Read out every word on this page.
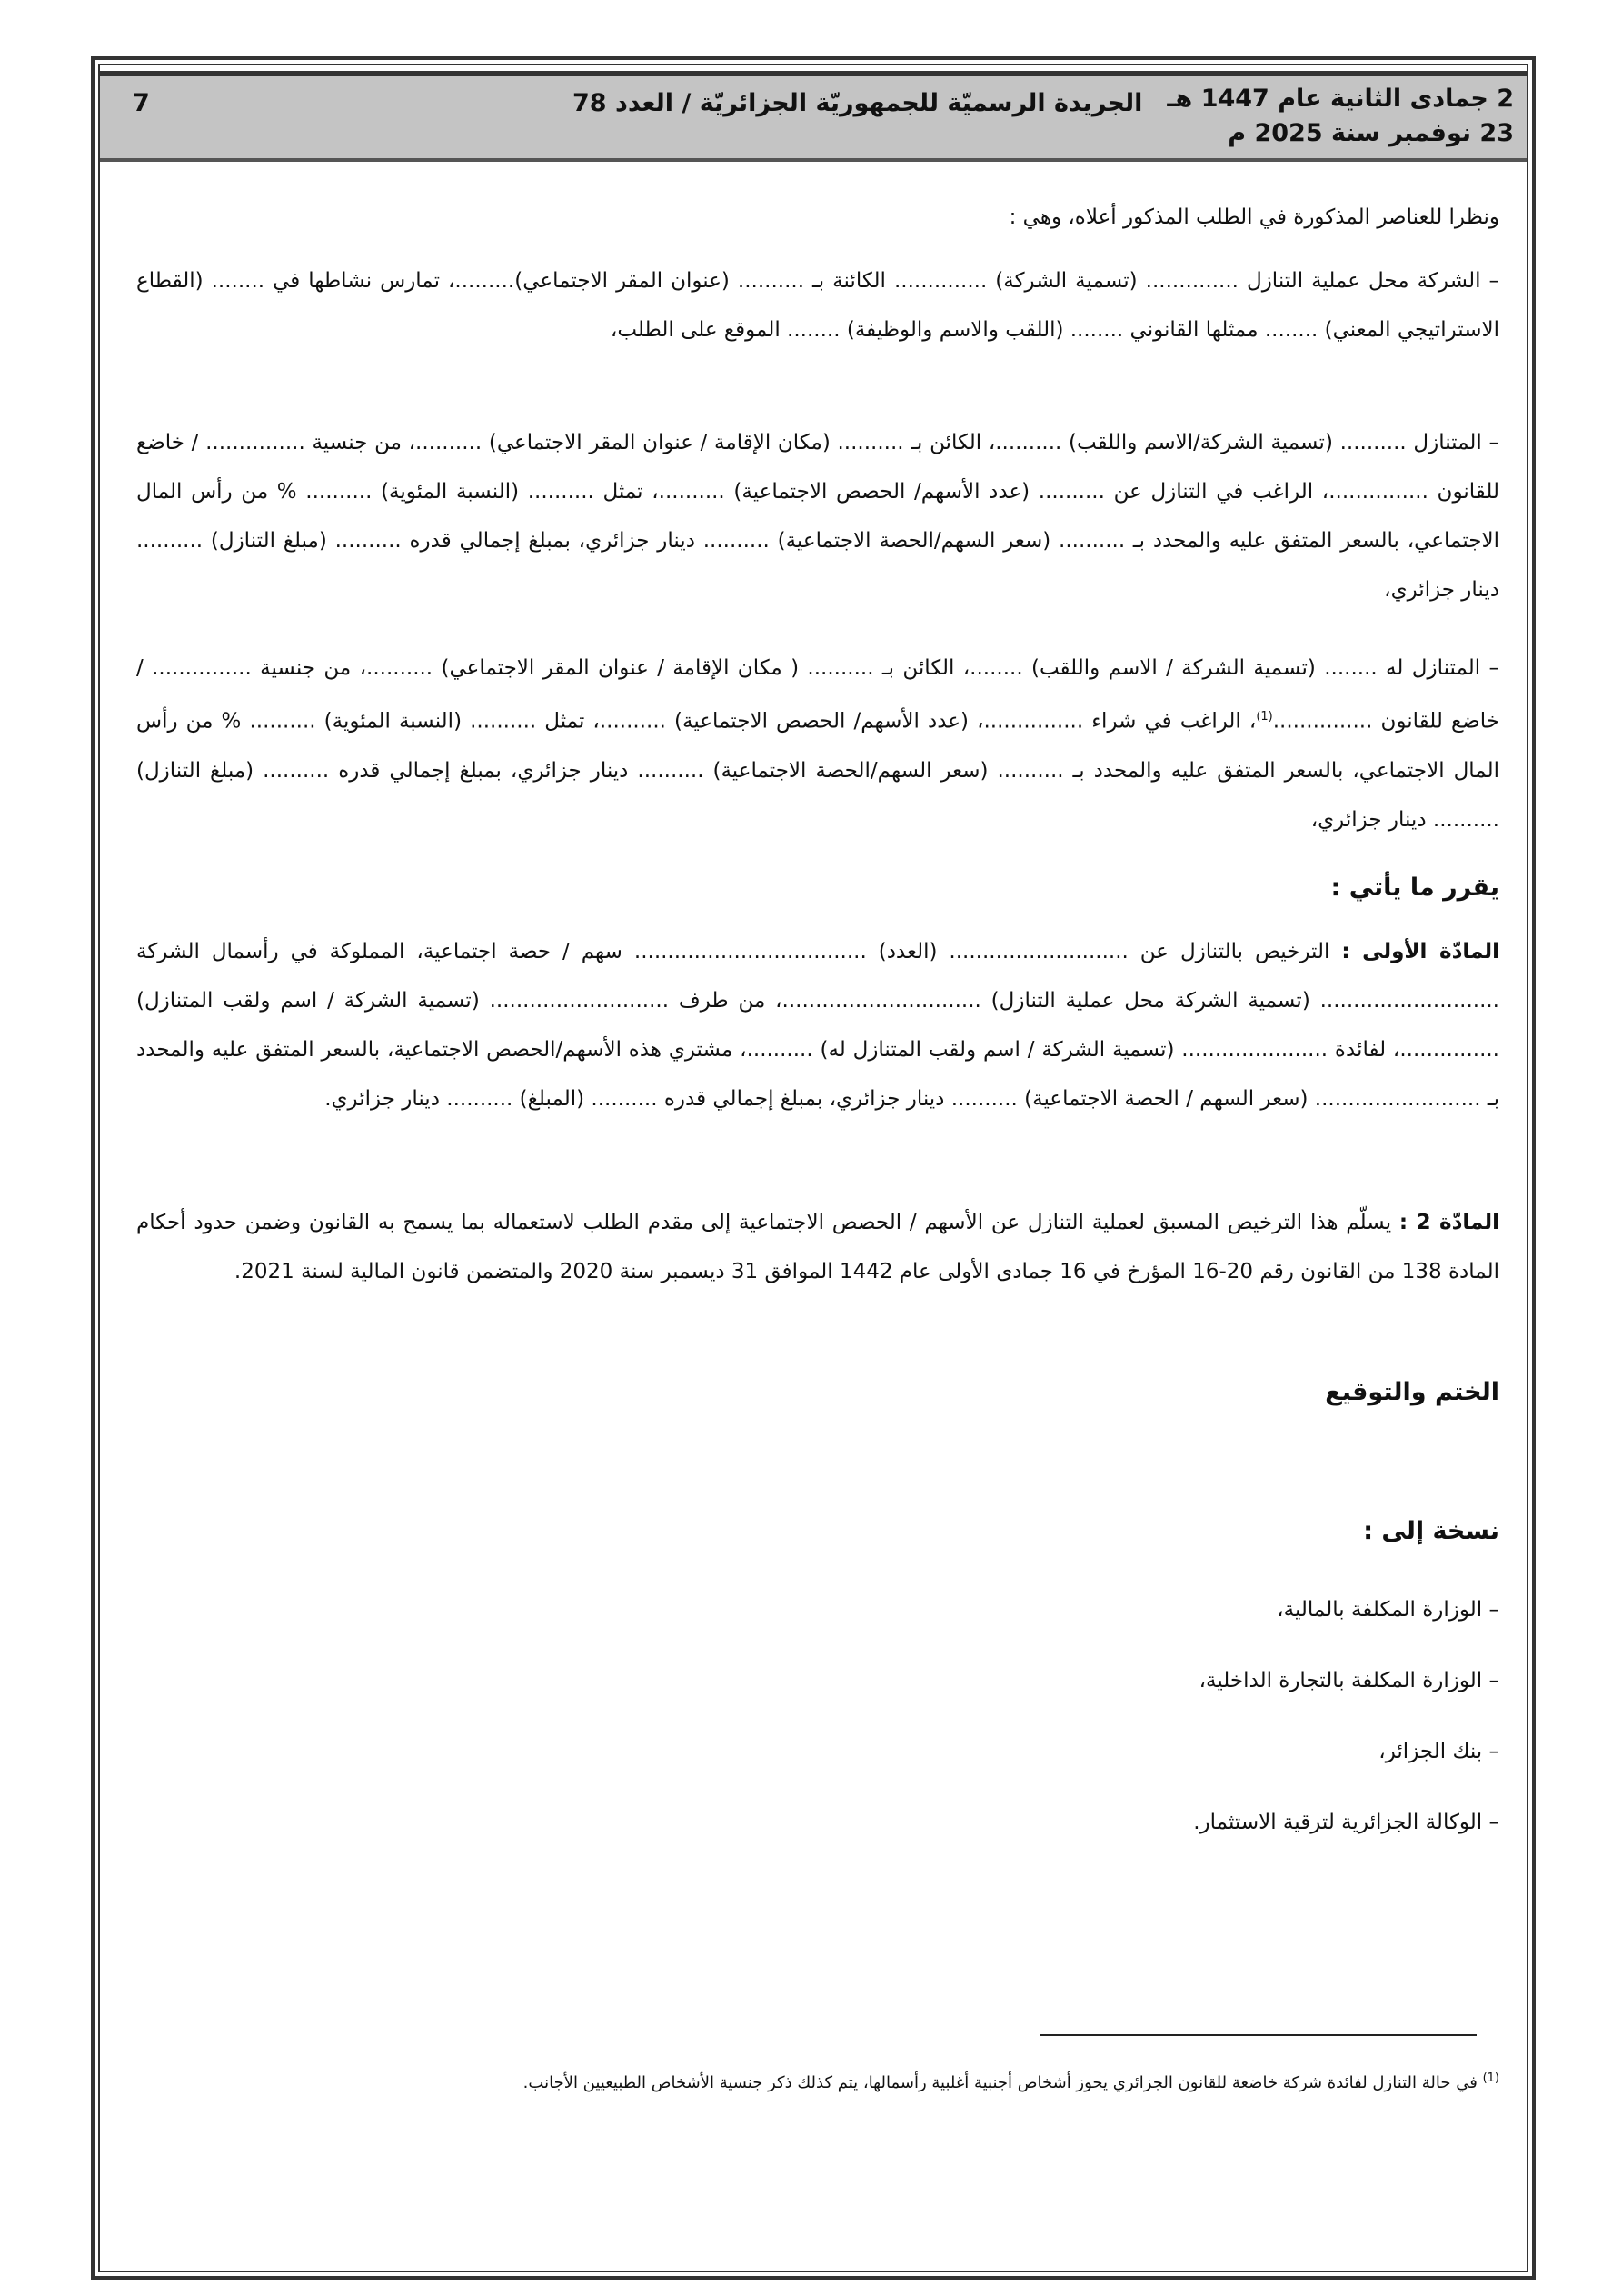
2 جمادى الثانية عام 1447 هـ
23 نوفمبر سنة 2025 م
الجريدة الرسميّة للجمهوريّة الجزائريّة / العدد 78
7
ونظرا للعناصر المذكورة في الطلب المذكور أعلاه، وهي :
– الشركة محل عملية التنازل .............. (تسمية الشركة) .............. الكائنة بـ .......... (عنوان المقر الاجتماعي).........، تمارس نشاطها في ........ (القطاع الاستراتيجي المعني) ........ ممثلها القانوني ........ (اللقب والاسم والوظيفة) ........ الموقع على الطلب،
– المتنازل .......... (تسمية الشركة/الاسم واللقب) ..........، الكائن بـ .......... (مكان الإقامة / عنوان المقر الاجتماعي) ..........، من جنسية ............... / خاضع للقانون ...............، الراغب في التنازل عن .......... (عدد الأسهم/ الحصص الاجتماعية) ..........، تمثل .......... (النسبة المئوية) .......... % من رأس المال الاجتماعي، بالسعر المتفق عليه والمحدد بـ .......... (سعر السهم/الحصة الاجتماعية) .......... دينار جزائري، بمبلغ إجمالي قدره .......... (مبلغ التنازل) .......... دينار جزائري،
– المتنازل له ........ (تسمية الشركة / الاسم واللقب) ........، الكائن بـ .......... ( مكان الإقامة / عنوان المقر الاجتماعي) ..........، من جنسية ............... / خاضع للقانون ...............$^{(1)}$، الراغب في شراء ...............، (عدد الأسهم/ الحصص الاجتماعية) ..........، تمثل .......... (النسبة المئوية) .......... % من رأس المال الاجتماعي، بالسعر المتفق عليه والمحدد بـ .......... (سعر السهم/الحصة الاجتماعية) .......... دينار جزائري، بمبلغ إجمالي قدره .......... (مبلغ التنازل) .......... دينار جزائري،
يقرر ما يأتي :
المادّة الأولى : الترخيص بالتنازل عن ........................... (العدد) ................................... سهم / حصة اجتماعية، المملوكة في رأسمال الشركة ........................... (تسمية الشركة محل عملية التنازل) ..............................، من طرف ........................... (تسمية الشركة / اسم ولقب المتنازل) ...............، لفائدة ...................... (تسمية الشركة / اسم ولقب المتنازل له) ..........، مشتري هذه الأسهم/الحصص الاجتماعية، بالسعر المتفق عليه والمحدد بـ ......................... (سعر السهم / الحصة الاجتماعية) .......... دينار جزائري، بمبلغ إجمالي قدره .......... (المبلغ) .......... دينار جزائري.
المادّة 2 : يسلّم هذا الترخيص المسبق لعملية التنازل عن الأسهم / الحصص الاجتماعية إلى مقدم الطلب لاستعماله بما يسمح به القانون وضمن حدود أحكام المادة 138 من القانون رقم 20-16 المؤرخ في 16 جمادى الأولى عام 1442 الموافق 31 ديسمبر سنة 2020 والمتضمن قانون المالية لسنة 2021.
الختم والتوقيع
نسخة إلى :
– الوزارة المكلفة بالمالية،
– الوزارة المكلفة بالتجارة الداخلية،
– بنك الجزائر،
– الوكالة الجزائرية لترقية الاستثمار.
$^{(1)}$ في حالة التنازل لفائدة شركة خاضعة للقانون الجزائري يحوز أشخاص أجنبية أغلبية رأسمالها، يتم كذلك ذكر جنسية الأشخاص الطبيعيين الأجانب.
